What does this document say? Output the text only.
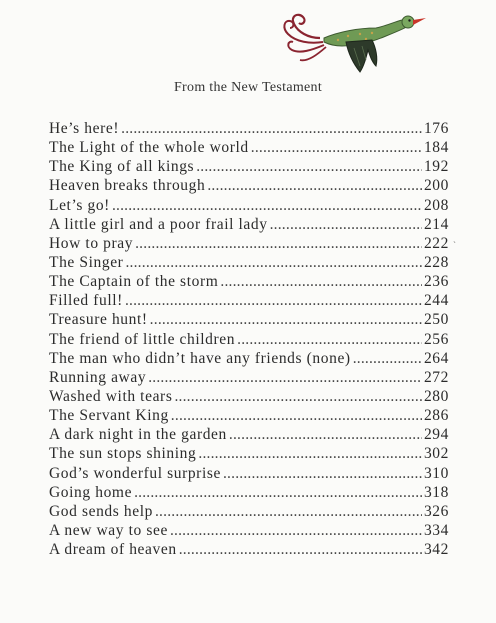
From the New Testament
He’s here! .....	176
The Light of the whole world .....	184
The King of all kings .....	192
Heaven breaks through .....	200
Let’s go! .....	208
A little girl and a poor frail lady .....	214
How to pray .....	222
The Singer .....	228
The Captain of the storm .....	236
Filled full! .....	244
Treasure hunt! .....	250
The friend of little children .....	256
The man who didn’t have any friends (none) .....	264
Running away .....	272
Washed with tears .....	280
The Servant King .....	286
A dark night in the garden .....	294
The sun stops shining .....	302
God’s wonderful surprise .....	310
Going home .....	318
God sends help .....	326
A new way to see .....	334
A dream of heaven .....	342
ˎ
